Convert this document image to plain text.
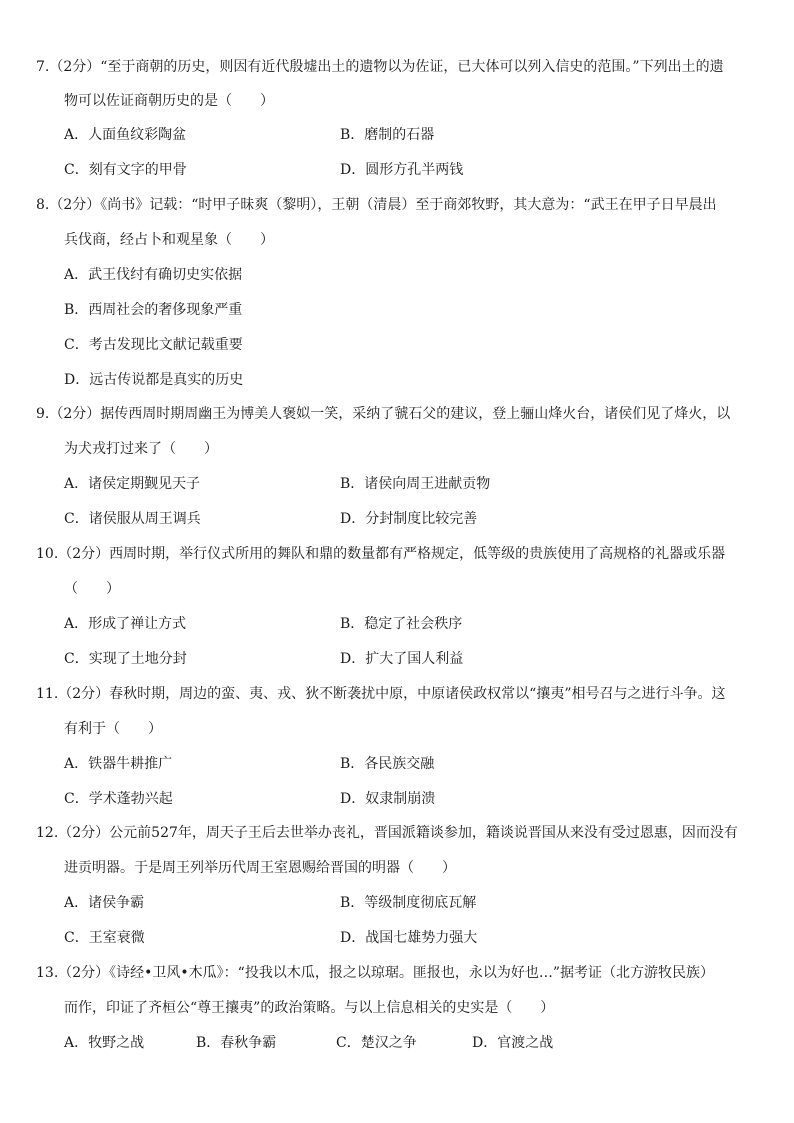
7.（2分）“至于商朝的历史，则因有近代殷墟出土的遗物以为佐证，已大体可以列入信史的范围。”下列出土的遗
物可以佐证商朝历史的是（　　）
A．人面鱼纹彩陶盆	B．磨制的石器
C．刻有文字的甲骨	D．圆形方孔半两钱
8.（2分）《尚书》记载：“时甲子昧爽（黎明），王朝（清晨）至于商郊牧野，其大意为：“武王在甲子日早晨出
兵伐商，经占卜和观星象（　　）
A．武王伐纣有确切史实依据
B．西周社会的奢侈现象严重
C．考古发现比文献记载重要
D．远古传说都是真实的历史
9.（2分）据传西周时期周幽王为博美人褒姒一笑，采纳了虢石父的建议，登上骊山烽火台，诸侯们见了烽火，以
为犬戎打过来了（　　）
A．诸侯定期觐见天子	B．诸侯向周王进献贡物
C．诸侯服从周王调兵	D．分封制度比较完善
10.（2分）西周时期，举行仪式所用的舞队和鼎的数量都有严格规定，低等级的贵族使用了高规格的礼器或乐器
（　　）
A．形成了禅让方式	B．稳定了社会秩序
C．实现了土地分封	D．扩大了国人利益
11.（2分）春秋时期，周边的蛮、夷、戎、狄不断袭扰中原，中原诸侯政权常以“攘夷”相号召与之进行斗争。这
有利于（　　）
A．铁器牛耕推广	B．各民族交融
C．学术蓬勃兴起	D．奴隶制崩溃
12.（2分）公元前527年，周天子王后去世举办丧礼，晋国派籍谈参加，籍谈说晋国从来没有受过恩惠，因而没有
进贡明器。于是周王列举历代周王室恩赐给晋国的明器（　　）
A．诸侯争霸	B．等级制度彻底瓦解
C．王室衰微	D．战国七雄势力强大
13.（2分）《诗经•卫风•木瓜》：“投我以木瓜，报之以琼琚。匪报也，永以为好也…”据考证（北方游牧民族）
而作，印证了齐桓公“尊王攘夷”的政治策略。与以上信息相关的史实是（　　）
A．牧野之战	B．春秋争霸	C．楚汉之争	D．官渡之战
